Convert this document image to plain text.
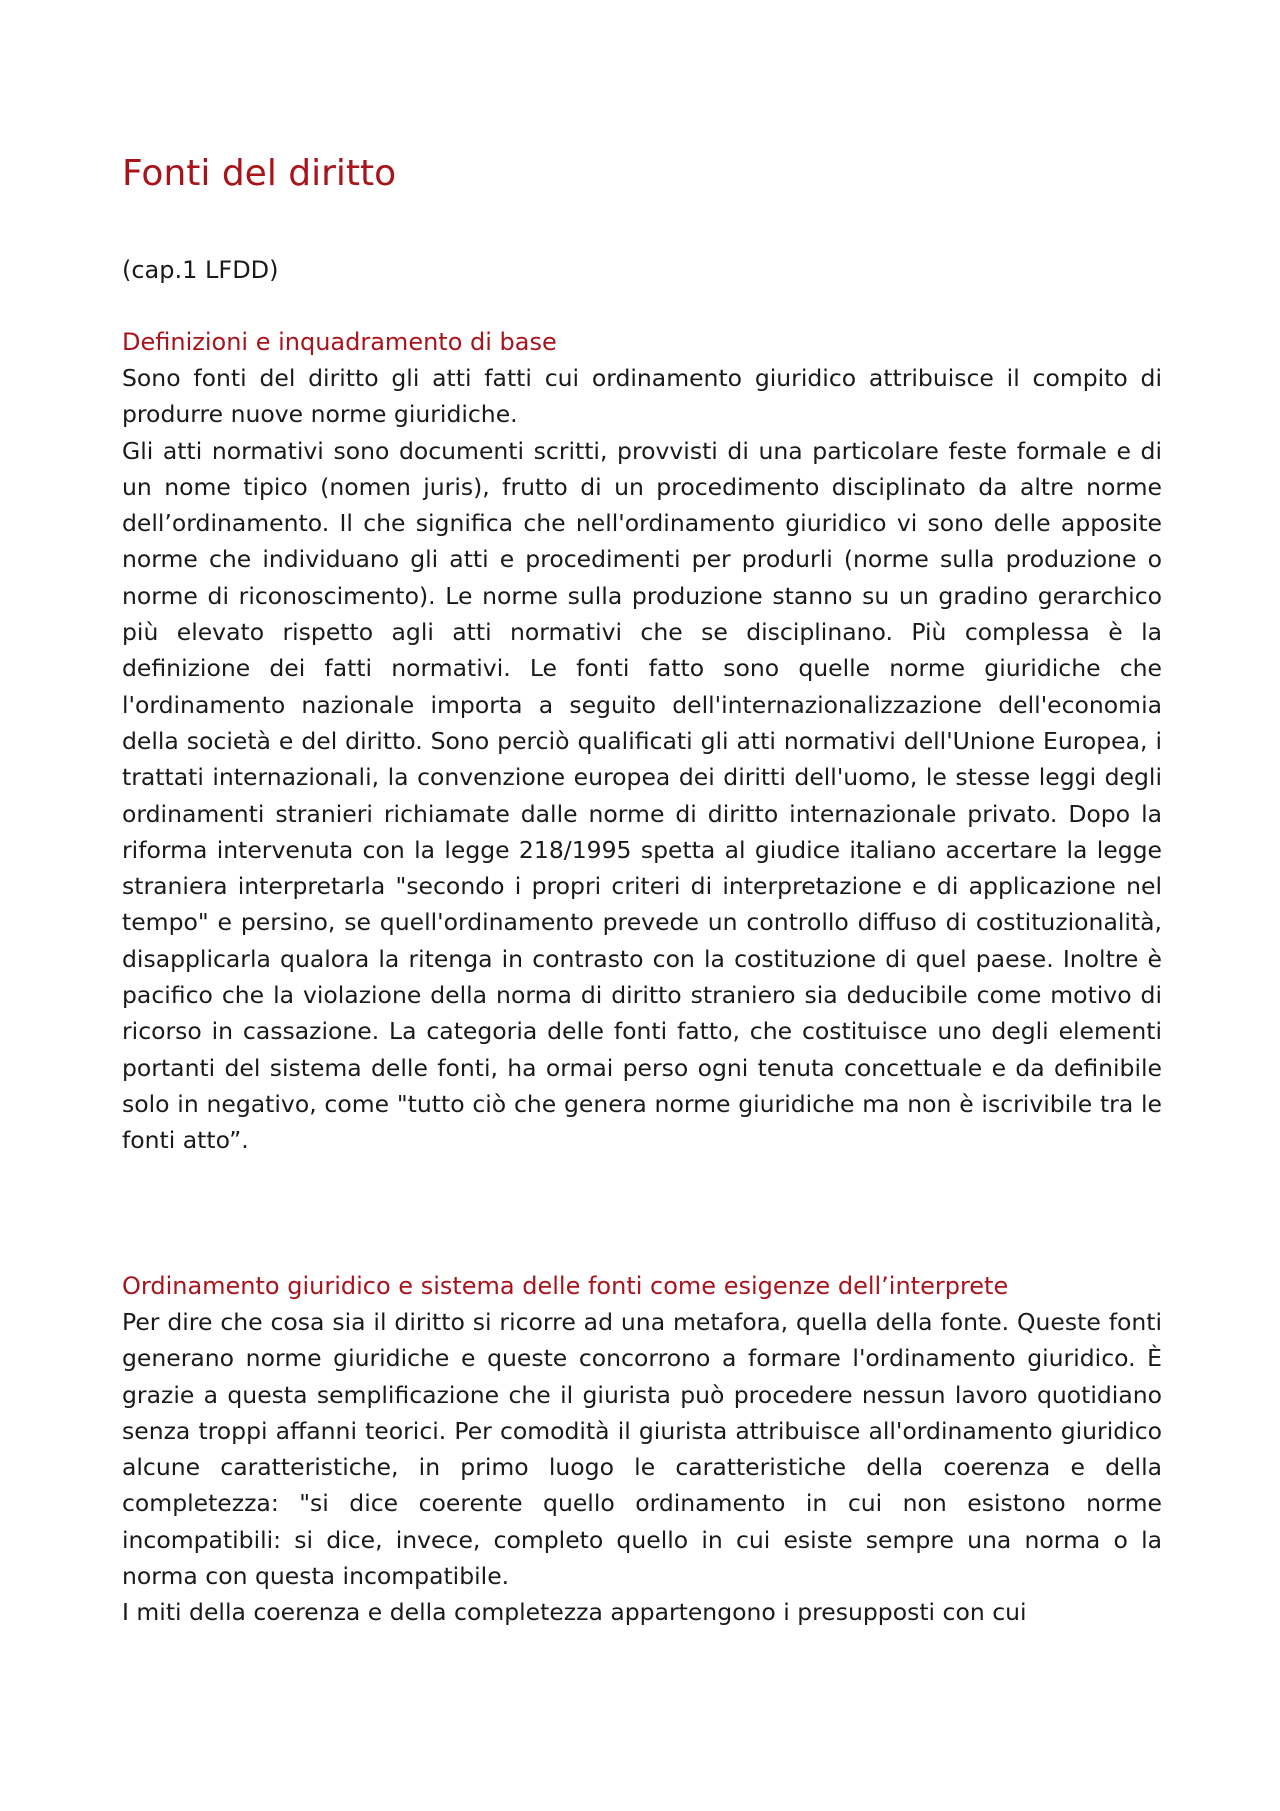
Fonti del diritto

(cap.1 LFDD)

Definizioni e inquadramento di base

Sono fonti del diritto gli atti fatti cui ordinamento giuridico attribuisce il compito di produrre nuove norme giuridiche.

Gli atti normativi sono documenti scritti, provvisti di una particolare feste formale e di un nome tipico (nomen juris), frutto di un procedimento disciplinato da altre norme dell’ordinamento. Il che significa che nell'ordinamento giuridico vi sono delle apposite norme che individuano gli atti e procedimenti per produrli (norme sulla produzione o norme di riconoscimento). Le norme sulla produzione stanno su un gradino gerarchico più elevato rispetto agli atti normativi che se disciplinano. Più complessa è la definizione dei fatti normativi. Le fonti fatto sono quelle norme giuridiche che l'ordinamento nazionale importa a seguito dell'internazionalizzazione dell'economia della società e del diritto. Sono perciò qualificati gli atti normativi dell'Unione Europea, i trattati internazionali, la convenzione europea dei diritti dell'uomo, le stesse leggi degli ordinamenti stranieri richiamate dalle norme di diritto internazionale privato. Dopo la riforma intervenuta con la legge 218/1995 spetta al giudice italiano accertare la legge straniera interpretarla "secondo i propri criteri di interpretazione e di applicazione nel tempo" e persino, se quell'ordinamento prevede un controllo diffuso di costituzionalità, disapplicarla qualora la ritenga in contrasto con la costituzione di quel paese. Inoltre è pacifico che la violazione della norma di diritto straniero sia deducibile come motivo di ricorso in cassazione. La categoria delle fonti fatto, che costituisce uno degli elementi portanti del sistema delle fonti, ha ormai perso ogni tenuta concettuale e da definibile solo in negativo, come "tutto ciò che genera norme giuridiche ma non è iscrivibile tra le fonti atto”.

Ordinamento giuridico e sistema delle fonti come esigenze dell’interprete

Per dire che cosa sia il diritto si ricorre ad una metafora, quella della fonte. Queste fonti generano norme giuridiche e queste concorrono a formare l'ordinamento giuridico. È grazie a questa semplificazione che il giurista può procedere nessun lavoro quotidiano senza troppi affanni teorici. Per comodità il giurista attribuisce all'ordinamento giuridico alcune caratteristiche, in primo luogo le caratteristiche della coerenza e della completezza: "si dice coerente quello ordinamento in cui non esistono norme incompatibili: si dice, invece, completo quello in cui esiste sempre una norma o la norma con questa incompatibile.

I miti della coerenza e della completezza appartengono i presupposti con cui
